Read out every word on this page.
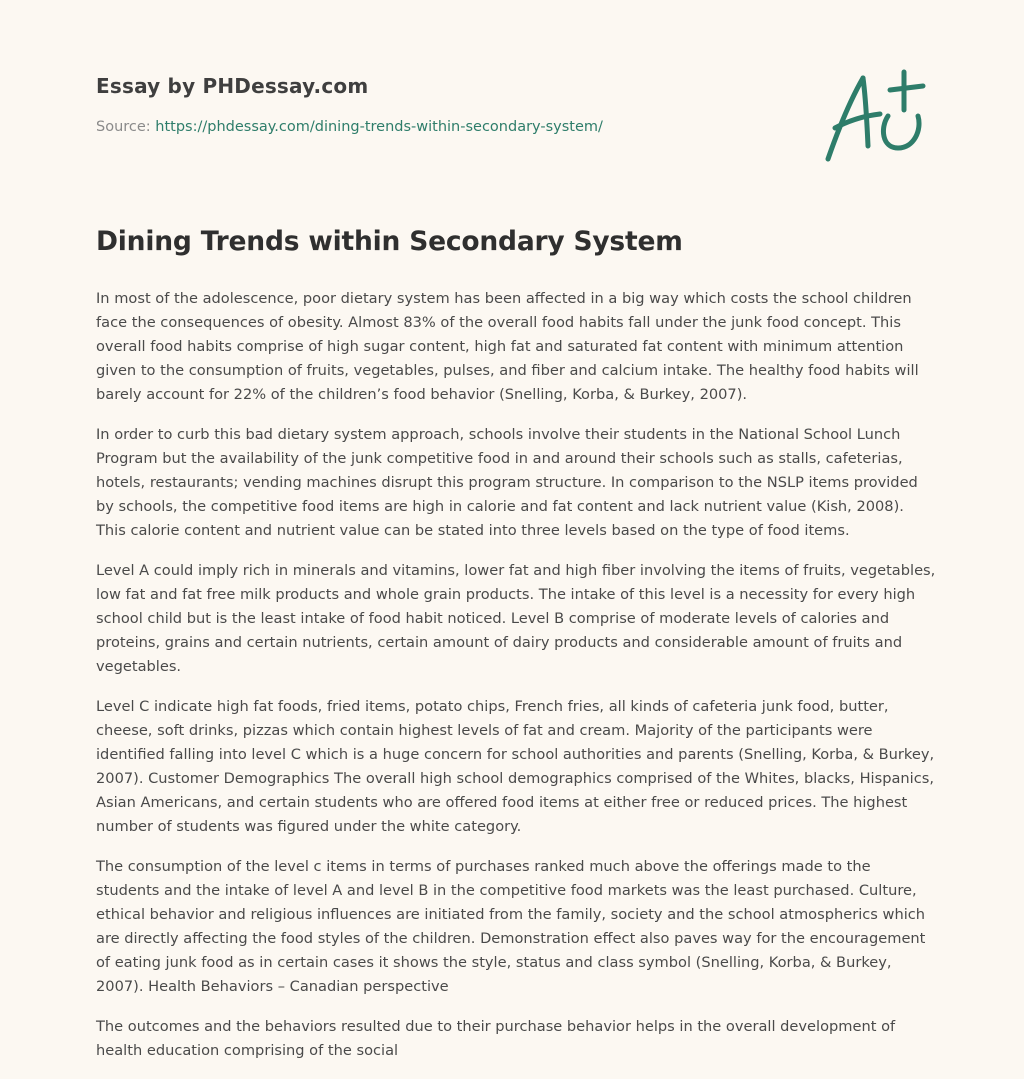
Essay by PHDessay.com
Source: https://phdessay.com/dining-trends-within-secondary-system/
Dining Trends within Secondary System

In most of the adolescence, poor dietary system has been affected in a big way which costs the school children face the consequences of obesity. Almost 83% of the overall food habits fall under the junk food concept. This overall food habits comprise of high sugar content, high fat and saturated fat content with minimum attention given to the consumption of fruits, vegetables, pulses, and fiber and calcium intake. The healthy food habits will barely account for 22% of the children’s food behavior (Snelling, Korba, & Burkey, 2007).

In order to curb this bad dietary system approach, schools involve their students in the National School Lunch Program but the availability of the junk competitive food in and around their schools such as stalls, cafeterias, hotels, restaurants; vending machines disrupt this program structure. In comparison to the NSLP items provided by schools, the competitive food items are high in calorie and fat content and lack nutrient value (Kish, 2008). This calorie content and nutrient value can be stated into three levels based on the type of food items.

Level A could imply rich in minerals and vitamins, lower fat and high fiber involving the items of fruits, vegetables, low fat and fat free milk products and whole grain products. The intake of this level is a necessity for every high school child but is the least intake of food habit noticed. Level B comprise of moderate levels of calories and proteins, grains and certain nutrients, certain amount of dairy products and considerable amount of fruits and vegetables.

Level C indicate high fat foods, fried items, potato chips, French fries, all kinds of cafeteria junk food, butter, cheese, soft drinks, pizzas which contain highest levels of fat and cream. Majority of the participants were identified falling into level C which is a huge concern for school authorities and parents (Snelling, Korba, & Burkey, 2007). Customer Demographics The overall high school demographics comprised of the Whites, blacks, Hispanics, Asian Americans, and certain students who are offered food items at either free or reduced prices. The highest number of students was figured under the white category.

The consumption of the level c items in terms of purchases ranked much above the offerings made to the students and the intake of level A and level B in the competitive food markets was the least purchased. Culture, ethical behavior and religious influences are initiated from the family, society and the school atmospherics which are directly affecting the food styles of the children. Demonstration effect also paves way for the encouragement of eating junk food as in certain cases it shows the style, status and class symbol (Snelling, Korba, & Burkey, 2007). Health Behaviors – Canadian perspective

The outcomes and the behaviors resulted due to their purchase behavior helps in the overall development of health education comprising of the social
